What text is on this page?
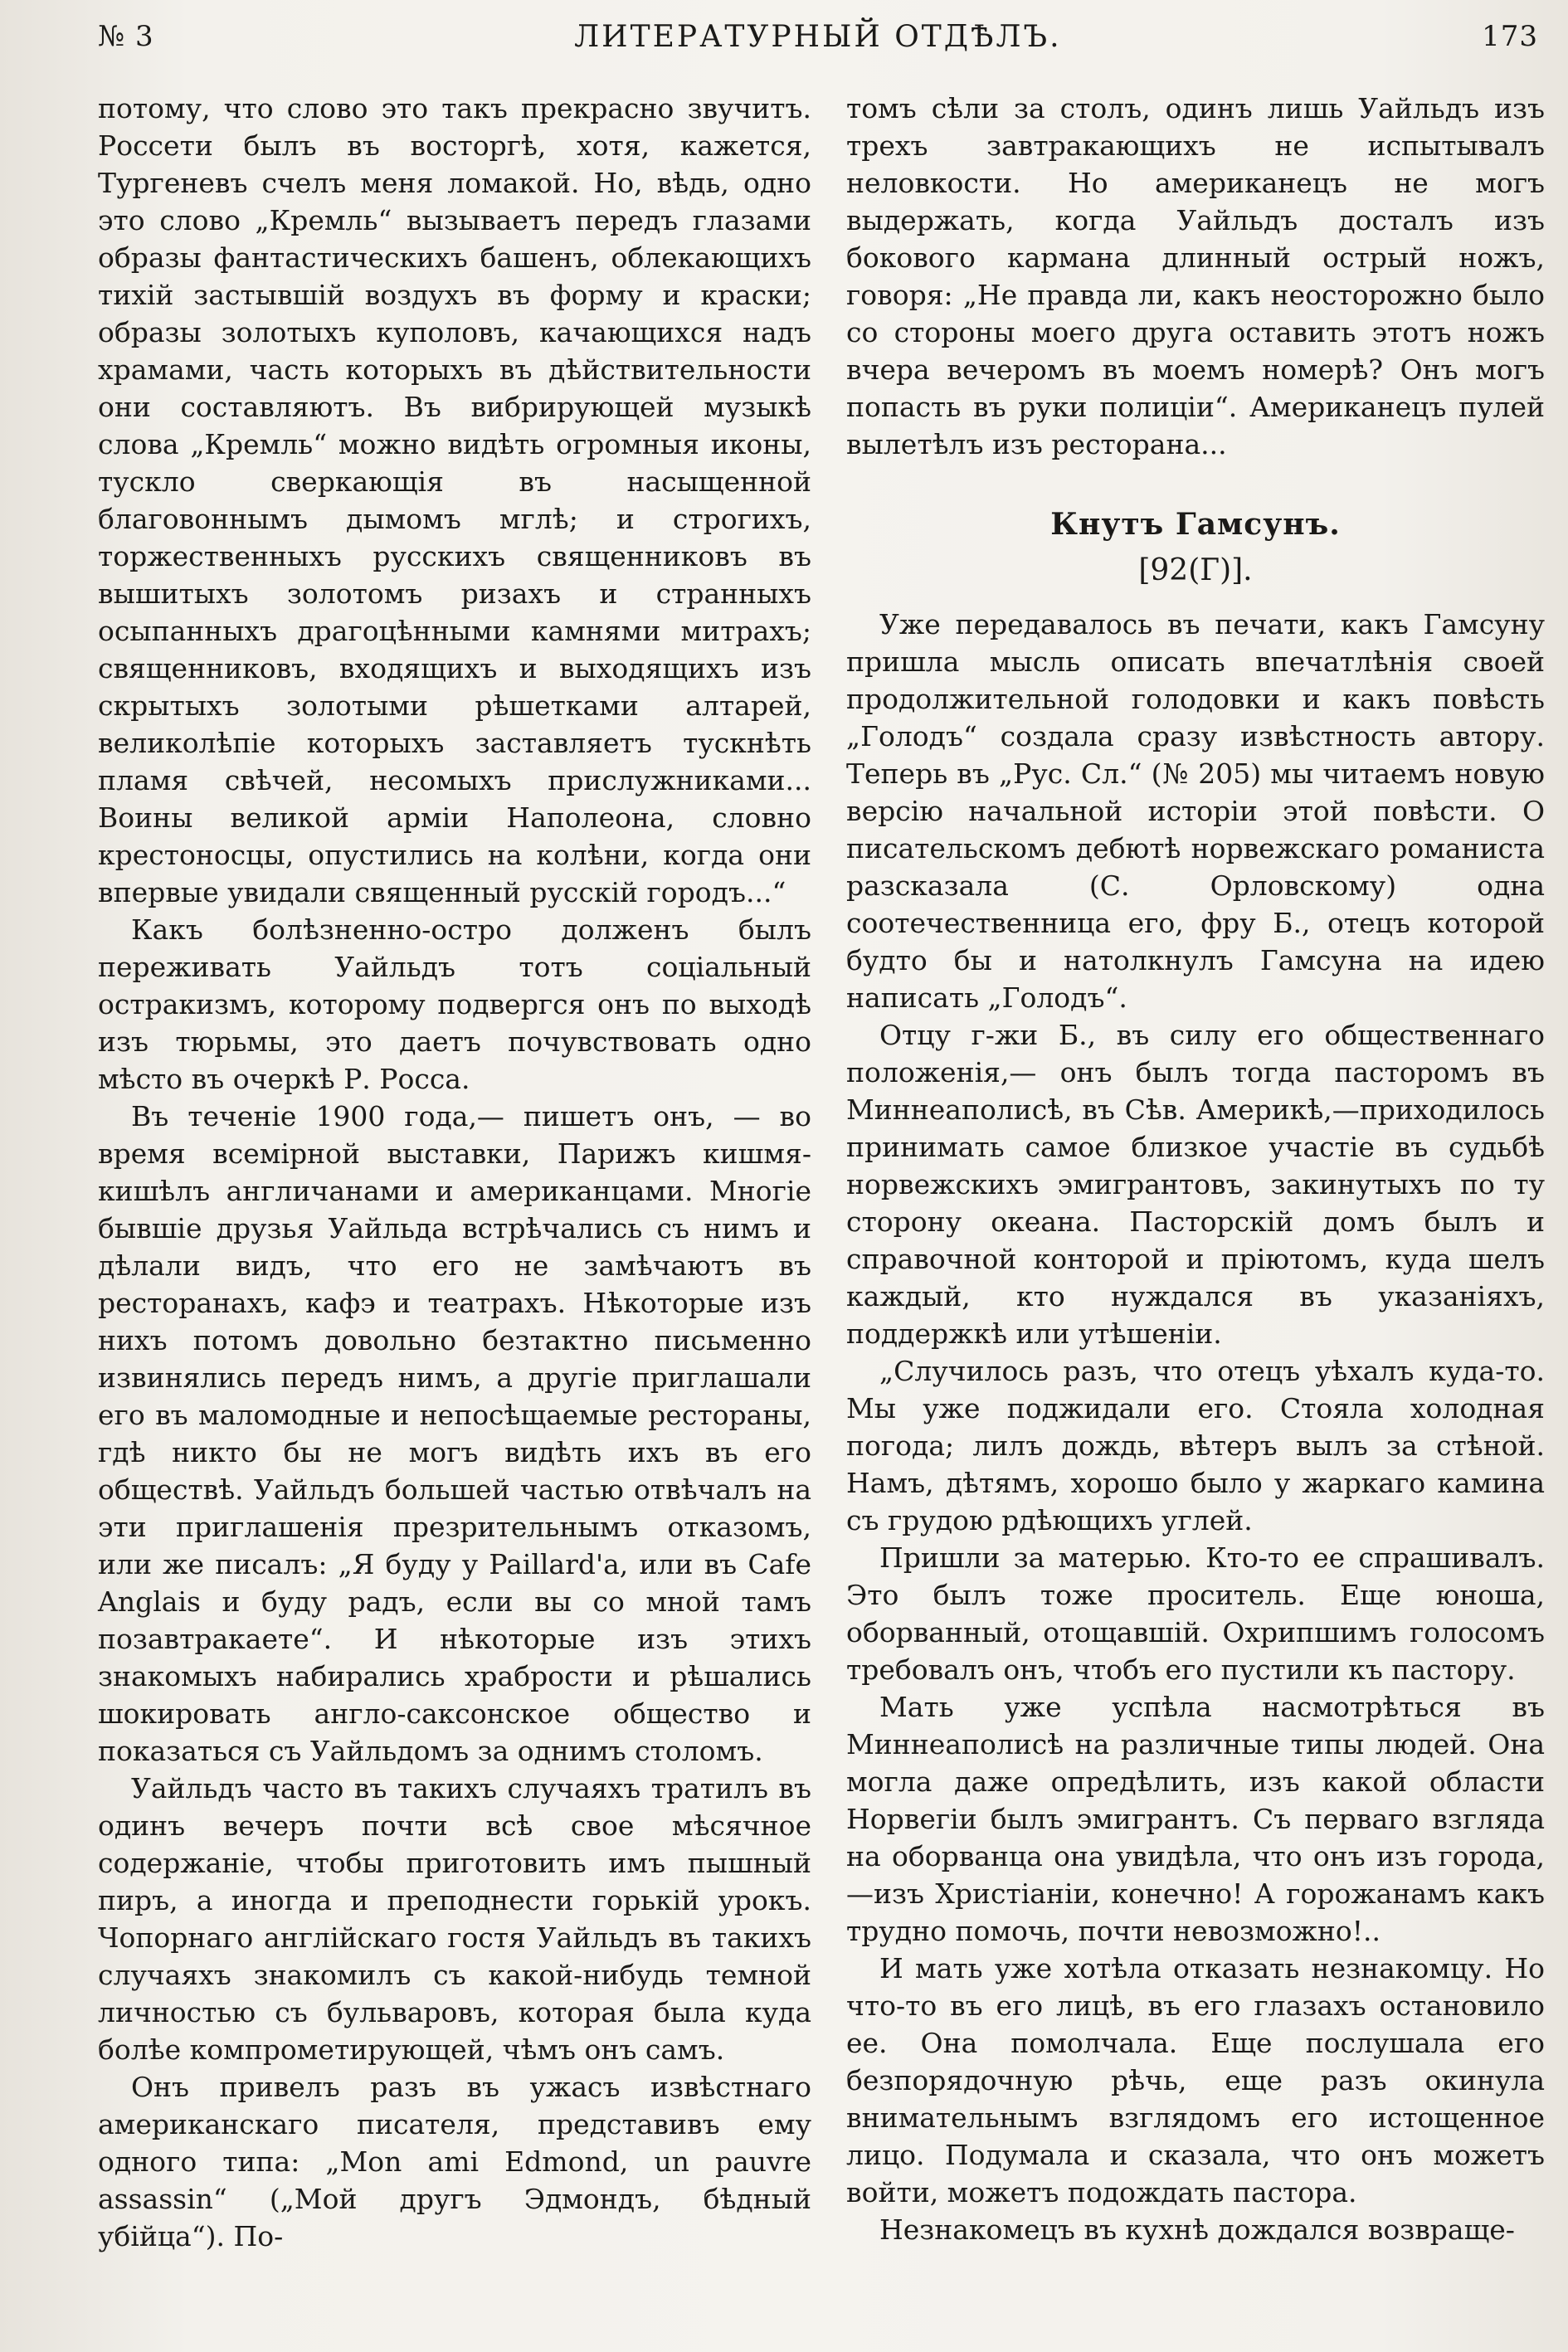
№ 3	ЛИТЕРАТУРНЫЙ ОТДѢЛЪ.	173

потому, что слово это такъ прекрасно звучитъ. Россети былъ въ восторгѣ, хотя, кажется, Тургеневъ счелъ меня ломакой. Но, вѣдь, одно это слово „Кремль“ вызываетъ передъ глазами образы фантастическихъ башенъ, облекающихъ тихій застывшій воздухъ въ форму и краски; образы золотыхъ куполовъ, качающихся надъ храмами, часть которыхъ въ дѣйствительности они составляютъ. Въ вибрирующей музыкѣ слова „Кремль“ можно видѣть огромныя иконы, тускло сверкающія въ насыщенной благовоннымъ дымомъ мглѣ; и строгихъ, торжественныхъ русскихъ священниковъ въ вышитыхъ золотомъ ризахъ и странныхъ осыпанныхъ драгоцѣнными камнями митрахъ; священниковъ, входящихъ и выходящихъ изъ скрытыхъ золотыми рѣшетками алтарей, великолѣпіе которыхъ заставляетъ тускнѣть пламя свѣчей, несомыхъ прислужниками... Воины великой арміи Наполеона, словно крестоносцы, опустились на колѣни, когда они впервые увидали священный русскій городъ...“

Какъ болѣзненно-остро долженъ былъ переживать Уайльдъ тотъ соціальный остракизмъ, которому подвергся онъ по выходѣ изъ тюрьмы, это даетъ почувствовать одно мѣсто въ очеркѣ Р. Росса.

Въ теченіе 1900 года,— пишетъ онъ, — во время всемірной выставки, Парижъ кишмя-кишѣлъ англичанами и американцами. Многіе бывшіе друзья Уайльда встрѣчались съ нимъ и дѣлали видъ, что его не замѣчаютъ въ ресторанахъ, кафэ и театрахъ. Нѣкоторые изъ нихъ потомъ довольно безтактно письменно извинялись передъ нимъ, а другіе приглашали его въ маломодные и непосѣщаемые рестораны, гдѣ никто бы не могъ видѣть ихъ въ его обществѣ. Уайльдъ большей частью отвѣчалъ на эти приглашенія презрительнымъ отказомъ, или же писалъ: „Я буду у Paillard'а, или въ Cafe Anglais и буду радъ, если вы со мной тамъ позавтракаете“. И нѣкоторые изъ этихъ знакомыхъ набирались храбрости и рѣшались шокировать англо-саксонское общество и показаться съ Уайльдомъ за однимъ столомъ.

Уайльдъ часто въ такихъ случаяхъ тратилъ въ одинъ вечеръ почти всѣ свое мѣсячное содержаніе, чтобы приготовить имъ пышный пиръ, а иногда и преподнести горькій урокъ. Чопорнаго англійскаго гостя Уайльдъ въ такихъ случаяхъ знакомилъ съ какой-нибудь темной личностью съ бульваровъ, которая была куда болѣе компрометирующей, чѣмъ онъ самъ.

Онъ привелъ разъ въ ужасъ извѣстнаго американскаго писателя, представивъ ему одного типа: „Mon ami Edmond, un pauvre assassin“ („Мой другъ Эдмондъ, бѣдный убійца“). По-

томъ сѣли за столъ, одинъ лишь Уайльдъ изъ трехъ завтракающихъ не испытывалъ неловкости. Но американецъ не могъ выдержать, когда Уайльдъ досталъ изъ бокового кармана длинный острый ножъ, говоря: „Не правда ли, какъ неосторожно было со стороны моего друга оставить этотъ ножъ вчера вечеромъ въ моемъ номерѣ? Онъ могъ попасть въ руки полиціи“. Американецъ пулей вылетѣлъ изъ ресторана...

Кнутъ Гамсунъ.
[92(Г)].

Уже передавалось въ печати, какъ Гамсуну пришла мысль описать впечатлѣнія своей продолжительной голодовки и какъ повѣсть „Голодъ“ создала сразу извѣстность автору. Теперь въ „Рус. Сл.“ (№ 205) мы читаемъ новую версію начальной исторіи этой повѣсти. О писательскомъ дебютѣ норвежскаго романиста разсказала (С. Орловскому) одна соотечественница его, фру Б., отецъ которой будто бы и натолкнулъ Гамсуна на идею написать „Голодъ“.

Отцу г-жи Б., въ силу его общественнаго положенія,— онъ былъ тогда пасторомъ въ Миннеаполисѣ, въ Сѣв. Америкѣ,—приходилось принимать самое близкое участіе въ судьбѣ норвежскихъ эмигрантовъ, закинутыхъ по ту сторону океана. Пасторскій домъ былъ и справочной конторой и пріютомъ, куда шелъ каждый, кто нуждался въ указаніяхъ, поддержкѣ или утѣшеніи.

„Случилось разъ, что отецъ уѣхалъ куда-то. Мы уже поджидали его. Стояла холодная погода; лилъ дождь, вѣтеръ вылъ за стѣной. Намъ, дѣтямъ, хорошо было у жаркаго камина съ грудою рдѣющихъ углей.

Пришли за матерью. Кто-то ее спрашивалъ. Это былъ тоже проситель. Еще юноша, оборванный, отощавшій. Охрипшимъ голосомъ требовалъ онъ, чтобъ его пустили къ пастору.

Мать уже успѣла насмотрѣться въ Миннеаполисѣ на различные типы людей. Она могла даже опредѣлить, изъ какой области Норвегіи былъ эмигрантъ. Съ перваго взгляда на оборванца она увидѣла, что онъ изъ города,—изъ Христіаніи, конечно! А горожанамъ какъ трудно помочь, почти невозможно!..

И мать уже хотѣла отказать незнакомцу. Но что-то въ его лицѣ, въ его глазахъ остановило ее. Она помолчала. Еще послушала его безпорядочную рѣчь, еще разъ окинула внимательнымъ взглядомъ его истощенное лицо. Подумала и сказала, что онъ можетъ войти, можетъ подождать пастора.

Незнакомецъ въ кухнѣ дождался возвраще-
